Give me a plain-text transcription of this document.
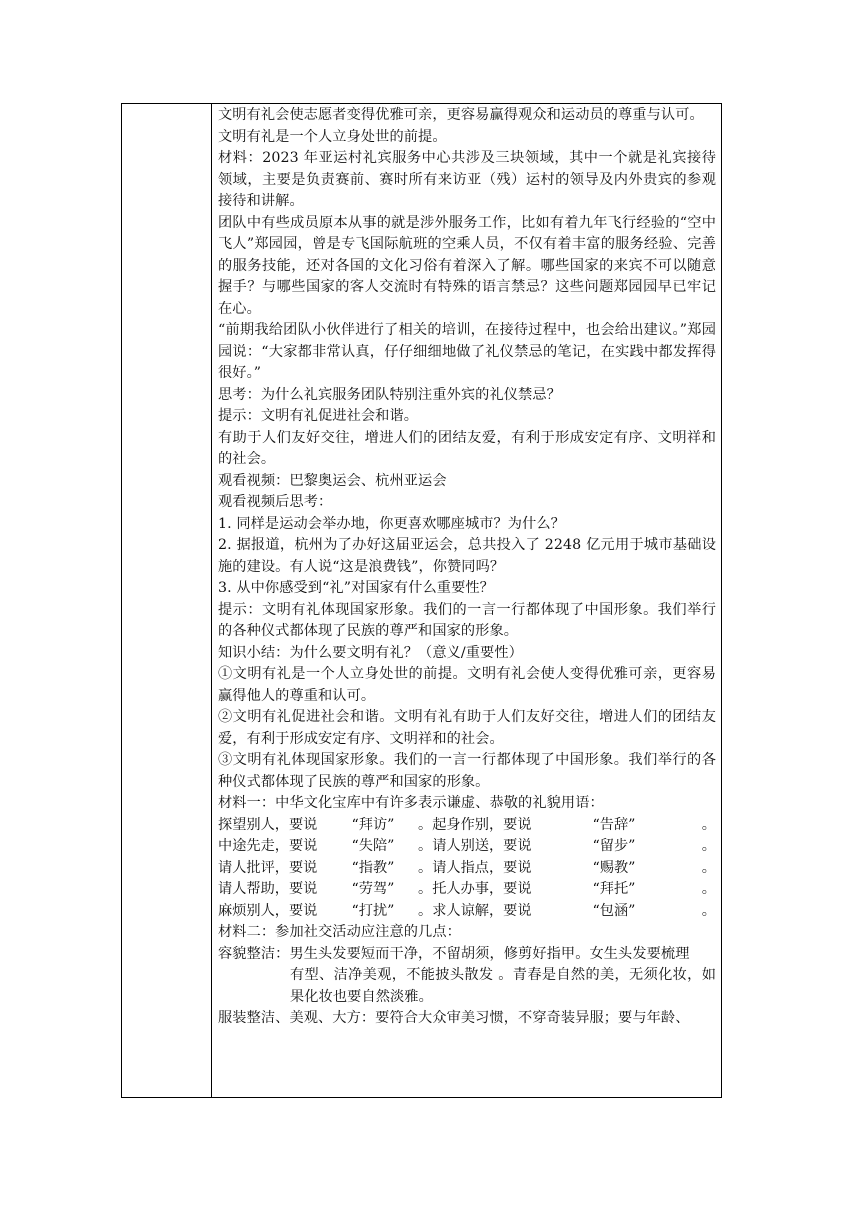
文明有礼会使志愿者变得优雅可亲，更容易赢得观众和运动员的尊重与认可。

文明有礼是一个人立身处世的前提。

材料：2023 年亚运村礼宾服务中心共涉及三块领域，其中一个就是礼宾接待领域，主要是负责赛前、赛时所有来访亚（残）运村的领导及内外贵宾的参观接待和讲解。

团队中有些成员原本从事的就是涉外服务工作，比如有着九年飞行经验的“空中飞人”郑园园，曾是专飞国际航班的空乘人员，不仅有着丰富的服务经验、完善的服务技能，还对各国的文化习俗有着深入了解。哪些国家的来宾不可以随意握手？与哪些国家的客人交流时有特殊的语言禁忌？这些问题郑园园早已牢记在心。

“前期我给团队小伙伴进行了相关的培训，在接待过程中，也会给出建议。”郑园园说：“大家都非常认真，仔仔细细地做了礼仪禁忌的笔记，在实践中都发挥得很好。”

思考：为什么礼宾服务团队特别注重外宾的礼仪禁忌？

提示：文明有礼促进社会和谐。

有助于人们友好交往，增进人们的团结友爱，有利于形成安定有序、文明祥和的社会。

观看视频：巴黎奥运会、杭州亚运会

观看视频后思考：

1. 同样是运动会举办地，你更喜欢哪座城市？为什么？

2. 据报道，杭州为了办好这届亚运会，总共投入了 2248 亿元用于城市基础设施的建设。有人说“这是浪费钱”，你赞同吗？

3. 从中你感受到“礼”对国家有什么重要性？

提示：文明有礼体现国家形象。我们的一言一行都体现了中国形象。我们举行的各种仪式都体现了民族的尊严和国家的形象。

知识小结：为什么要文明有礼？（意义/重要性）

①文明有礼是一个人立身处世的前提。文明有礼会使人变得优雅可亲，更容易赢得他人的尊重和认可。

②文明有礼促进社会和谐。文明有礼有助于人们友好交往，增进人们的团结友爱，有利于形成安定有序、文明祥和的社会。

③文明有礼体现国家形象。我们的一言一行都体现了中国形象。我们举行的各种仪式都体现了民族的尊严和国家的形象。

材料一：中华文化宝库中有许多表示谦虚、恭敬的礼貌用语：

探望别人，要说	“拜访”	。起身作别，要说	“告辞”	。
中途先走，要说	“失陪”	。请人别送，要说	“留步”	。
请人批评，要说	“指教”	。请人指点，要说	“赐教”	。
请人帮助，要说	“劳驾”	。托人办事，要说	“拜托”	。
麻烦别人，要说	“打扰”	。求人谅解，要说	“包涵”	。

材料二：参加社交活动应注意的几点：

容貌整洁：男生头发要短而干净，不留胡须，修剪好指甲。女生头发要梳理

有型、洁净美观，不能披头散发 。青春是自然的美，无须化妆，如果化妆也要自然淡雅。

服装整洁、美观、大方：要符合大众审美习惯，不穿奇装异服；要与年龄、
